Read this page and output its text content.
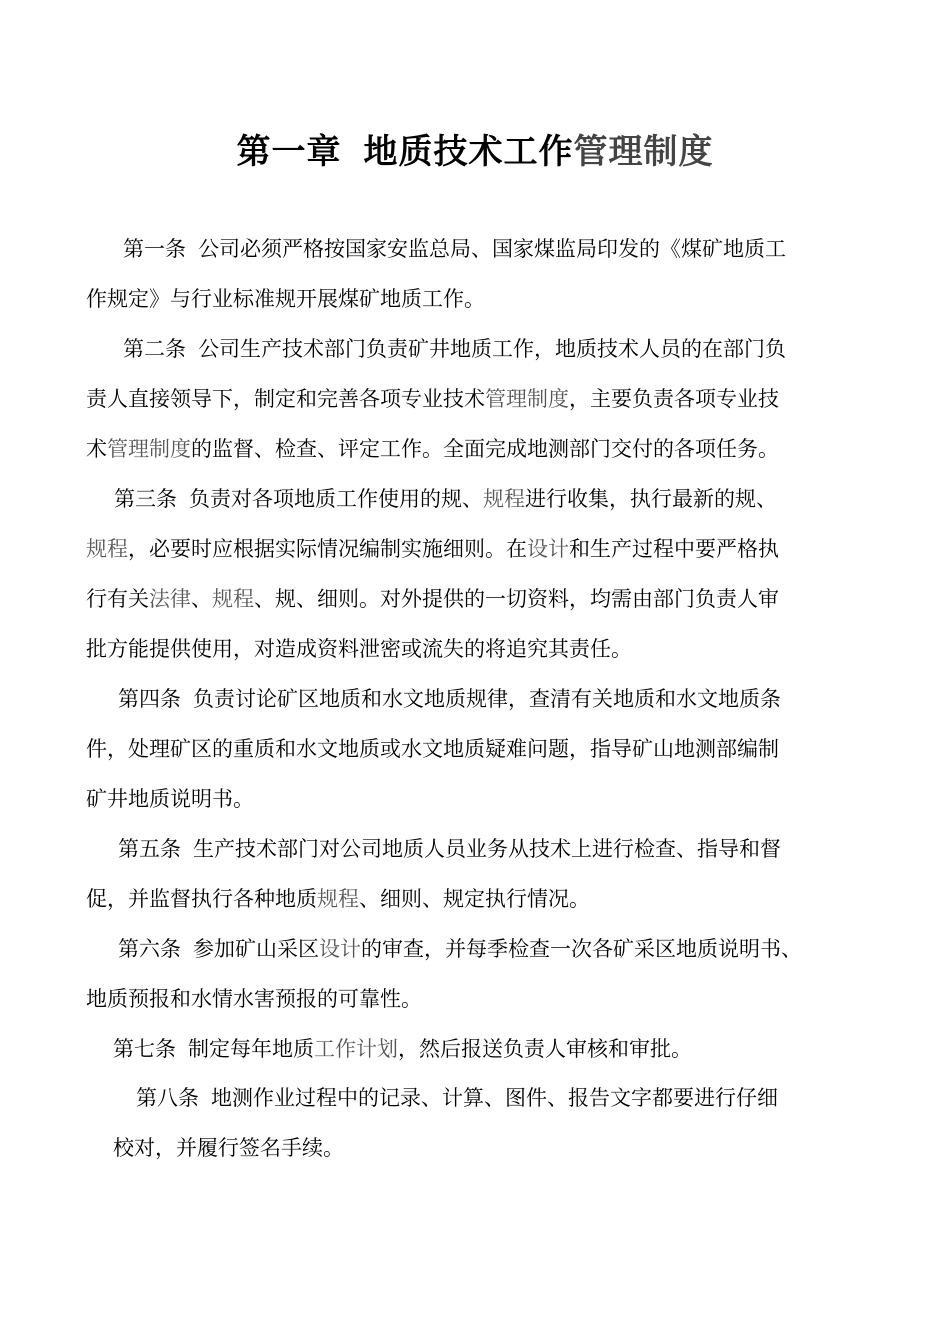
第一章 地质技术工作管理制度
第一条 公司必须严格按国家安监总局、国家煤监局印发的《煤矿地质工
作规定》与行业标准规开展煤矿地质工作。
第二条 公司生产技术部门负责矿井地质工作，地质技术人员的在部门负
责人直接领导下，制定和完善各项专业技术管理制度，主要负责各项专业技
术管理制度的监督、检查、评定工作。全面完成地测部门交付的各项任务。
第三条 负责对各项地质工作使用的规、规程进行收集，执行最新的规、
规程，必要时应根据实际情况编制实施细则。在设计和生产过程中要严格执
行有关法律、规程、规、细则。对外提供的一切资料，均需由部门负责人审
批方能提供使用，对造成资料泄密或流失的将追究其责任。
第四条 负责讨论矿区地质和水文地质规律，查清有关地质和水文地质条
件，处理矿区的重质和水文地质或水文地质疑难问题，指导矿山地测部编制
矿井地质说明书。
第五条 生产技术部门对公司地质人员业务从技术上进行检查、指导和督
促，并监督执行各种地质规程、细则、规定执行情况。
第六条 参加矿山采区设计的审查，并每季检查一次各矿采区地质说明书、
地质预报和水情水害预报的可靠性。
第七条 制定每年地质工作计划，然后报送负责人审核和审批。
第八条 地测作业过程中的记录、计算、图件、报告文字都要进行仔细
校对，并履行签名手续。
